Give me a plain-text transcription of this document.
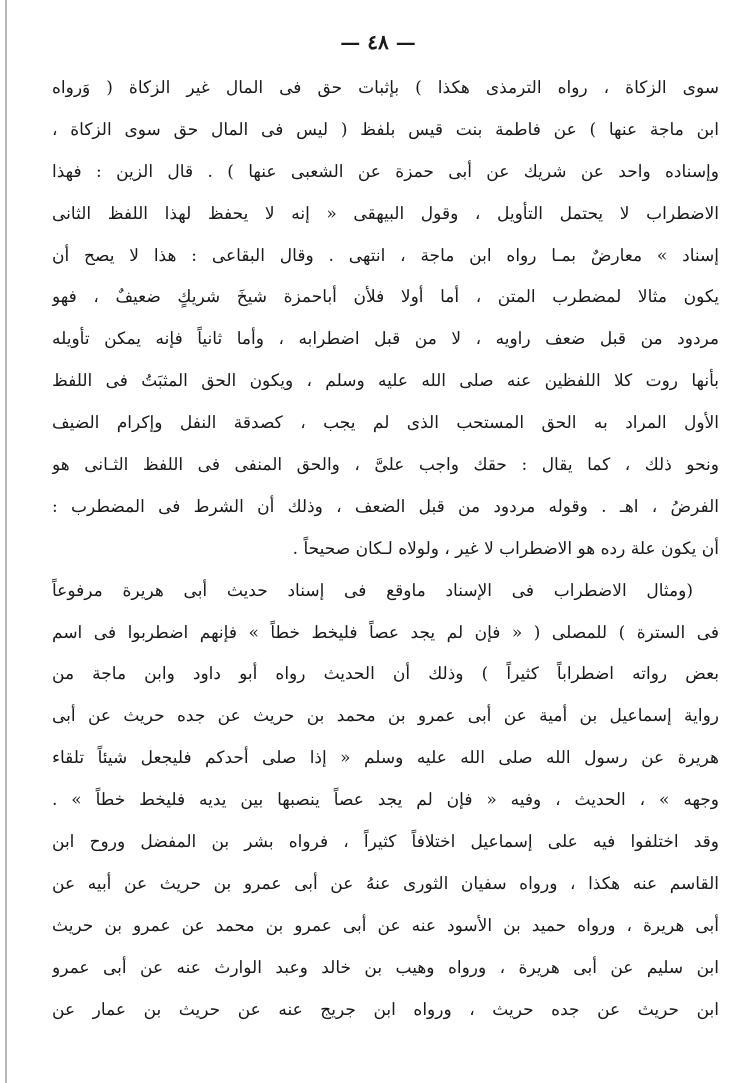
— ٤٨ —
سوى الزكاة ، رواه الترمذى هكذا ) بإثبات حق فى المال غير الزكاة ( وَرواه
ابن ماجة عنها ) عن فاطمة بنت قيس بلفظ ( ليس فى المال حق سوى الزكاة ،
وإسناده واحد عن شريك عن أبى حمزة عن الشعبى عنها ) . قال الزين : فهذا
الاضطراب لا يحتمل التأويل ، وقول البيهقى « إنه لا يحفظ لهذا اللفظ الثانى
إسناد » معارضٌ بمـا رواه ابن ماجة ، انتهى . وقال البقاعى : هذا لا يصح أن
يكون مثالا لمضطرب المتن ، أما أولا فلأن أباحمزة شيخَ شريكٍ ضعيفٌ ، فهو
مردود من قبل ضعف راويه ، لا من قبل اضطرابه ، وأما ثانياً فإنه يمكن تأويله
بأنها روت كلا اللفظين عنه صلى الله عليه وسلم ، ويكون الحق المثبَتُ فى اللفظ
الأول المراد به الحق المستحب الذى لم يجب ، كصدقة النفل وإكرام الضيف
ونحو ذلك ، كما يقال : حقك واجب علىَّ ، والحق المنفى فى اللفظ الثـانى هو
الفرضُ ، اهـ . وقوله مردود من قبل الضعف ، وذلك أن الشرط فى المضطرب :
أن يكون علة رده هو الاضطراب لا غير ، ولولاه لـكان صحيحاً .
(ومثال الاضطراب فى الإسناد ماوقع فى إسناد حديث أبى هريرة مرفوعاً
فى السترة ) للمصلى ( « فإن لم يجد عصاً فليخط خطاً » فإنهم اضطربوا فى اسم
بعض رواته اضطراباً كثيراً ) وذلك أن الحديث رواه أبو داود وابن ماجة من
رواية إسماعيل بن أمية عن أبى عمرو بن محمد بن حريث عن جده حريث عن أبى
هريرة عن رسول الله صلى الله عليه وسلم « إذا صلى أحدكم فليجعل شيئاً تلقاء
وجهه » ، الحديث ، وفيه « فإن لم يجد عصاً ينصبها بين يديه فليخط خطاً » .
وقد اختلفوا فيه على إسماعيل اختلافاً كثيراً ، فرواه بشر بن المفضل وروح ابن
القاسم عنه هكذا ، ورواه سفيان الثورى عنهُ عن أبى عمرو بن حريث عن أبيه عن
أبى هريرة ، ورواه حميد بن الأسود عنه عن أبى عمرو بن محمد عن عمرو بن حريث
ابن سليم عن أبى هريرة ، ورواه وهيب بن خالد وعبد الوارث عنه عن أبى عمرو
ابن حريث عن جده حريث ، ورواه ابن جريج عنه عن حريث بن عمار عن
